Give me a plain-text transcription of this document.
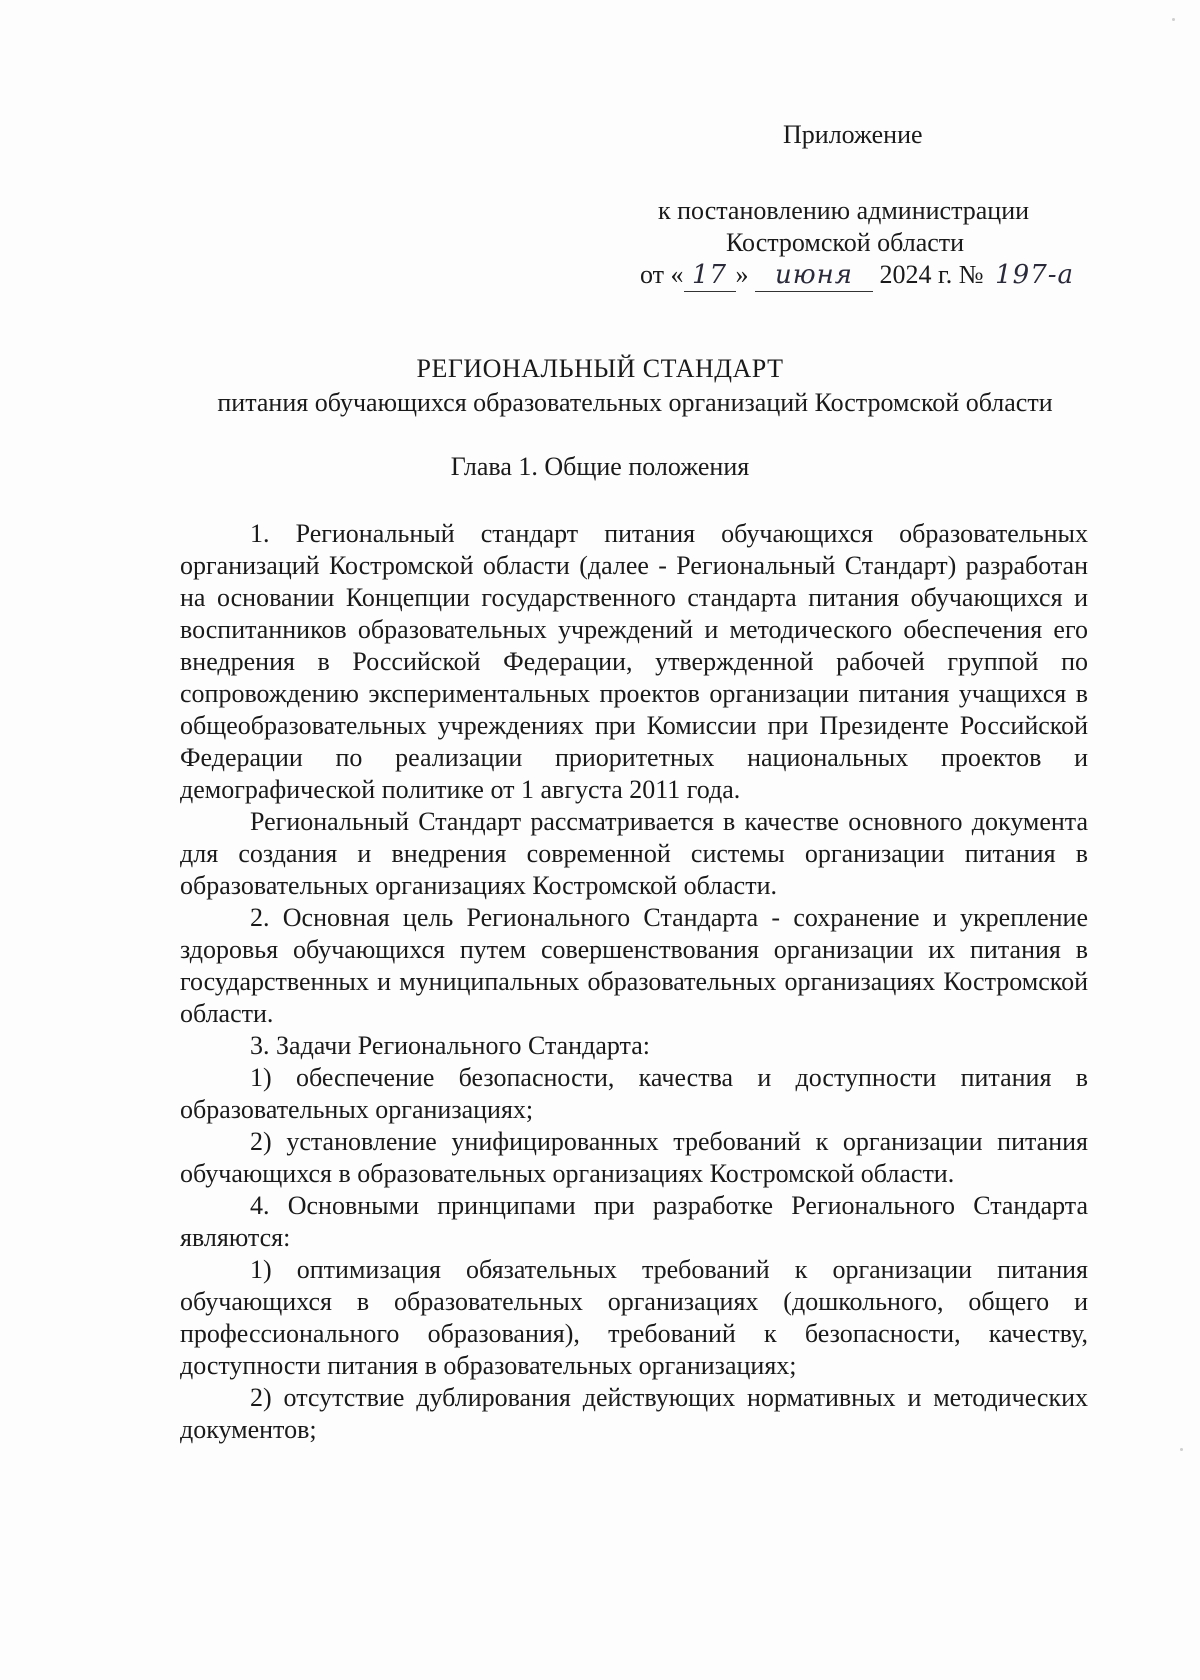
Приложение
к постановлению администрации
Костромской области
от « 17 » июня 2024 г. № 197-а
РЕГИОНАЛЬНЫЙ СТАНДАРТ
питания обучающихся образовательных организаций Костромской области
Глава 1. Общие положения

1. Региональный стандарт питания обучающихся образовательных организаций Костромской области (далее - Региональный Стандарт) разработан на основании Концепции государственного стандарта питания обучающихся и воспитанников образовательных учреждений и методического обеспечения его внедрения в Российской Федерации, утвержденной рабочей группой по сопровождению экспериментальных проектов организации питания учащихся в общеобразовательных учреждениях при Комиссии при Президенте Российской Федерации по реализации приоритетных национальных проектов и демографической политике от 1 августа 2011 года.

Региональный Стандарт рассматривается в качестве основного документа для создания и внедрения современной системы организации питания в образовательных организациях Костромской области.

2. Основная цель Регионального Стандарта - сохранение и укрепление здоровья обучающихся путем совершенствования организации их питания в государственных и муниципальных образовательных организациях Костромской области.

3. Задачи Регионального Стандарта:

1) обеспечение безопасности, качества и доступности питания в образовательных организациях;

2) установление унифицированных требований к организации питания обучающихся в образовательных организациях Костромской области.

4. Основными принципами при разработке Регионального Стандарта являются:

1) оптимизация обязательных требований к организации питания обучающихся в образовательных организациях (дошкольного, общего и профессионального образования), требований к безопасности, качеству, доступности питания в образовательных организациях;

2) отсутствие дублирования действующих нормативных и методических документов;
